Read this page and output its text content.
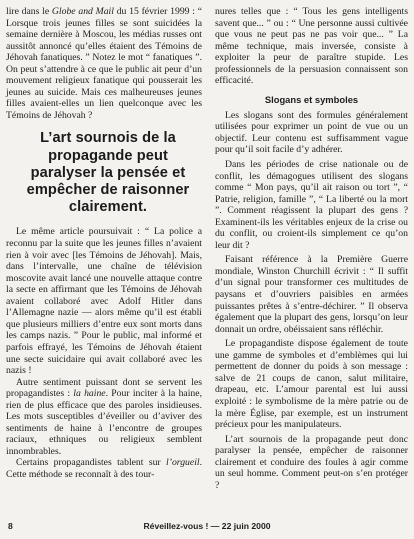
lire dans le Globe and Mail du 15 février 1999 : “ Lorsque trois jeunes filles se sont suicidées la semaine dernière à Moscou, les médias russes ont aussitôt annoncé qu’elles étaient des Témoins de Jéhovah fanatiques. ” Notez le mot “ fanatiques ”. On peut s’attendre à ce que le public ait peur d’un mouvement religieux fanatique qui pousserait les jeunes au suicide. Mais ces malheureuses jeunes filles avaient-elles un lien quelconque avec les Témoins de Jéhovah ?

L’art sournois de la propagande peut paralyser la pensée et empêcher de raisonner clairement.

Le même article poursuivait : “ La police a reconnu par la suite que les jeunes filles n’avaient rien à voir avec [les Témoins de Jéhovah]. Mais, dans l’intervalle, une chaîne de télévision moscovite avait lancé une nouvelle attaque contre la secte en affirmant que les Témoins de Jéhovah avaient collaboré avec Adolf Hitler dans l’Allemagne nazie — alors même qu’il est établi que plusieurs milliers d’entre eux sont morts dans les camps nazis. ” Pour le public, mal informé et parfois effrayé, les Témoins de Jéhovah étaient une secte suicidaire qui avait collaboré avec les nazis !

Autre sentiment puissant dont se servent les propagandistes : la haine. Pour inciter à la haine, rien de plus efficace que des paroles insidieuses. Les mots susceptibles d’éveiller ou d’aviver des sentiments de haine à l’encontre de groupes raciaux, ethniques ou religieux semblent innombrables.

Certains propagandistes tablent sur l’orgueil. Cette méthode se reconnaît à des tour-

nures telles que : “ Tous les gens intelligents savent que... ” ou : “ Une personne aussi cultivée que vous ne peut pas ne pas voir que... ” La même technique, mais inversée, consiste à exploiter la peur de paraître stupide. Les professionnels de la persuasion connaissent son efficacité.

Slogans et symboles

Les slogans sont des formules généralement utilisées pour exprimer un point de vue ou un objectif. Leur contenu est suffisamment vague pour qu’il soit facile d’y adhérer.

Dans les périodes de crise nationale ou de conflit, les démagogues utilisent des slogans comme “ Mon pays, qu’il ait raison ou tort ”, “ Patrie, religion, famille ”, “ La liberté ou la mort ”. Comment réagissent la plupart des gens ? Examinent-ils les véritables enjeux de la crise ou du conflit, ou croient-ils simplement ce qu’on leur dit ?

Faisant référence à la Première Guerre mondiale, Winston Churchill écrivit : “ Il suffit d’un signal pour transformer ces multitudes de paysans et d’ouvriers paisibles en armées puissantes prêtes à s’entre-déchirer. ” Il observa également que la plupart des gens, lorsqu’on leur donnait un ordre, obéissaient sans réfléchir.

Le propagandiste dispose également de toute une gamme de symboles et d’emblèmes qui lui permettent de donner du poids à son message : salve de 21 coups de canon, salut militaire, drapeau, etc. L’amour parental est lui aussi exploité : le symbolisme de la mère patrie ou de la mère Église, par exemple, est un instrument précieux pour les manipulateurs.

L’art sournois de la propagande peut donc paralyser la pensée, empêcher de raisonner clairement et conduire des foules à agir comme un seul homme. Comment peut-on s’en protéger ?

8	Réveillez-vous ! — 22 juin 2000
